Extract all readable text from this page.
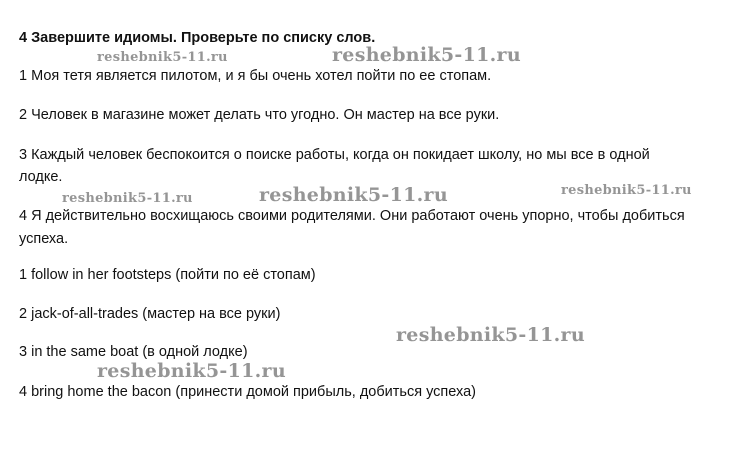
4 Завершите идиомы. Проверьте по списку слов.
1 Моя тетя является пилотом, и я бы очень хотел пойти по ее стопам.
2 Человек в магазине может делать что угодно. Он мастер на все руки.
3 Каждый человек беспокоится о поиске работы, когда он покидает школу, но мы все в одной
лодке.
4 Я действительно восхищаюсь своими родителями. Они работают очень упорно, чтобы добиться
успеха.
1 follow in her footsteps (пойти по её стопам)
2 jack-of-all-trades (мастер на все руки)
3 in the same boat (в одной лодке)
4 bring home the bacon (принести домой прибыль, добиться успеха)
reshebnik5-11.ru	reshebnik5-11.ru
reshebnik5-11.ru	reshebnik5-11.ru	reshebnik5-11.ru
reshebnik5-11.ru
reshebnik5-11.ru
